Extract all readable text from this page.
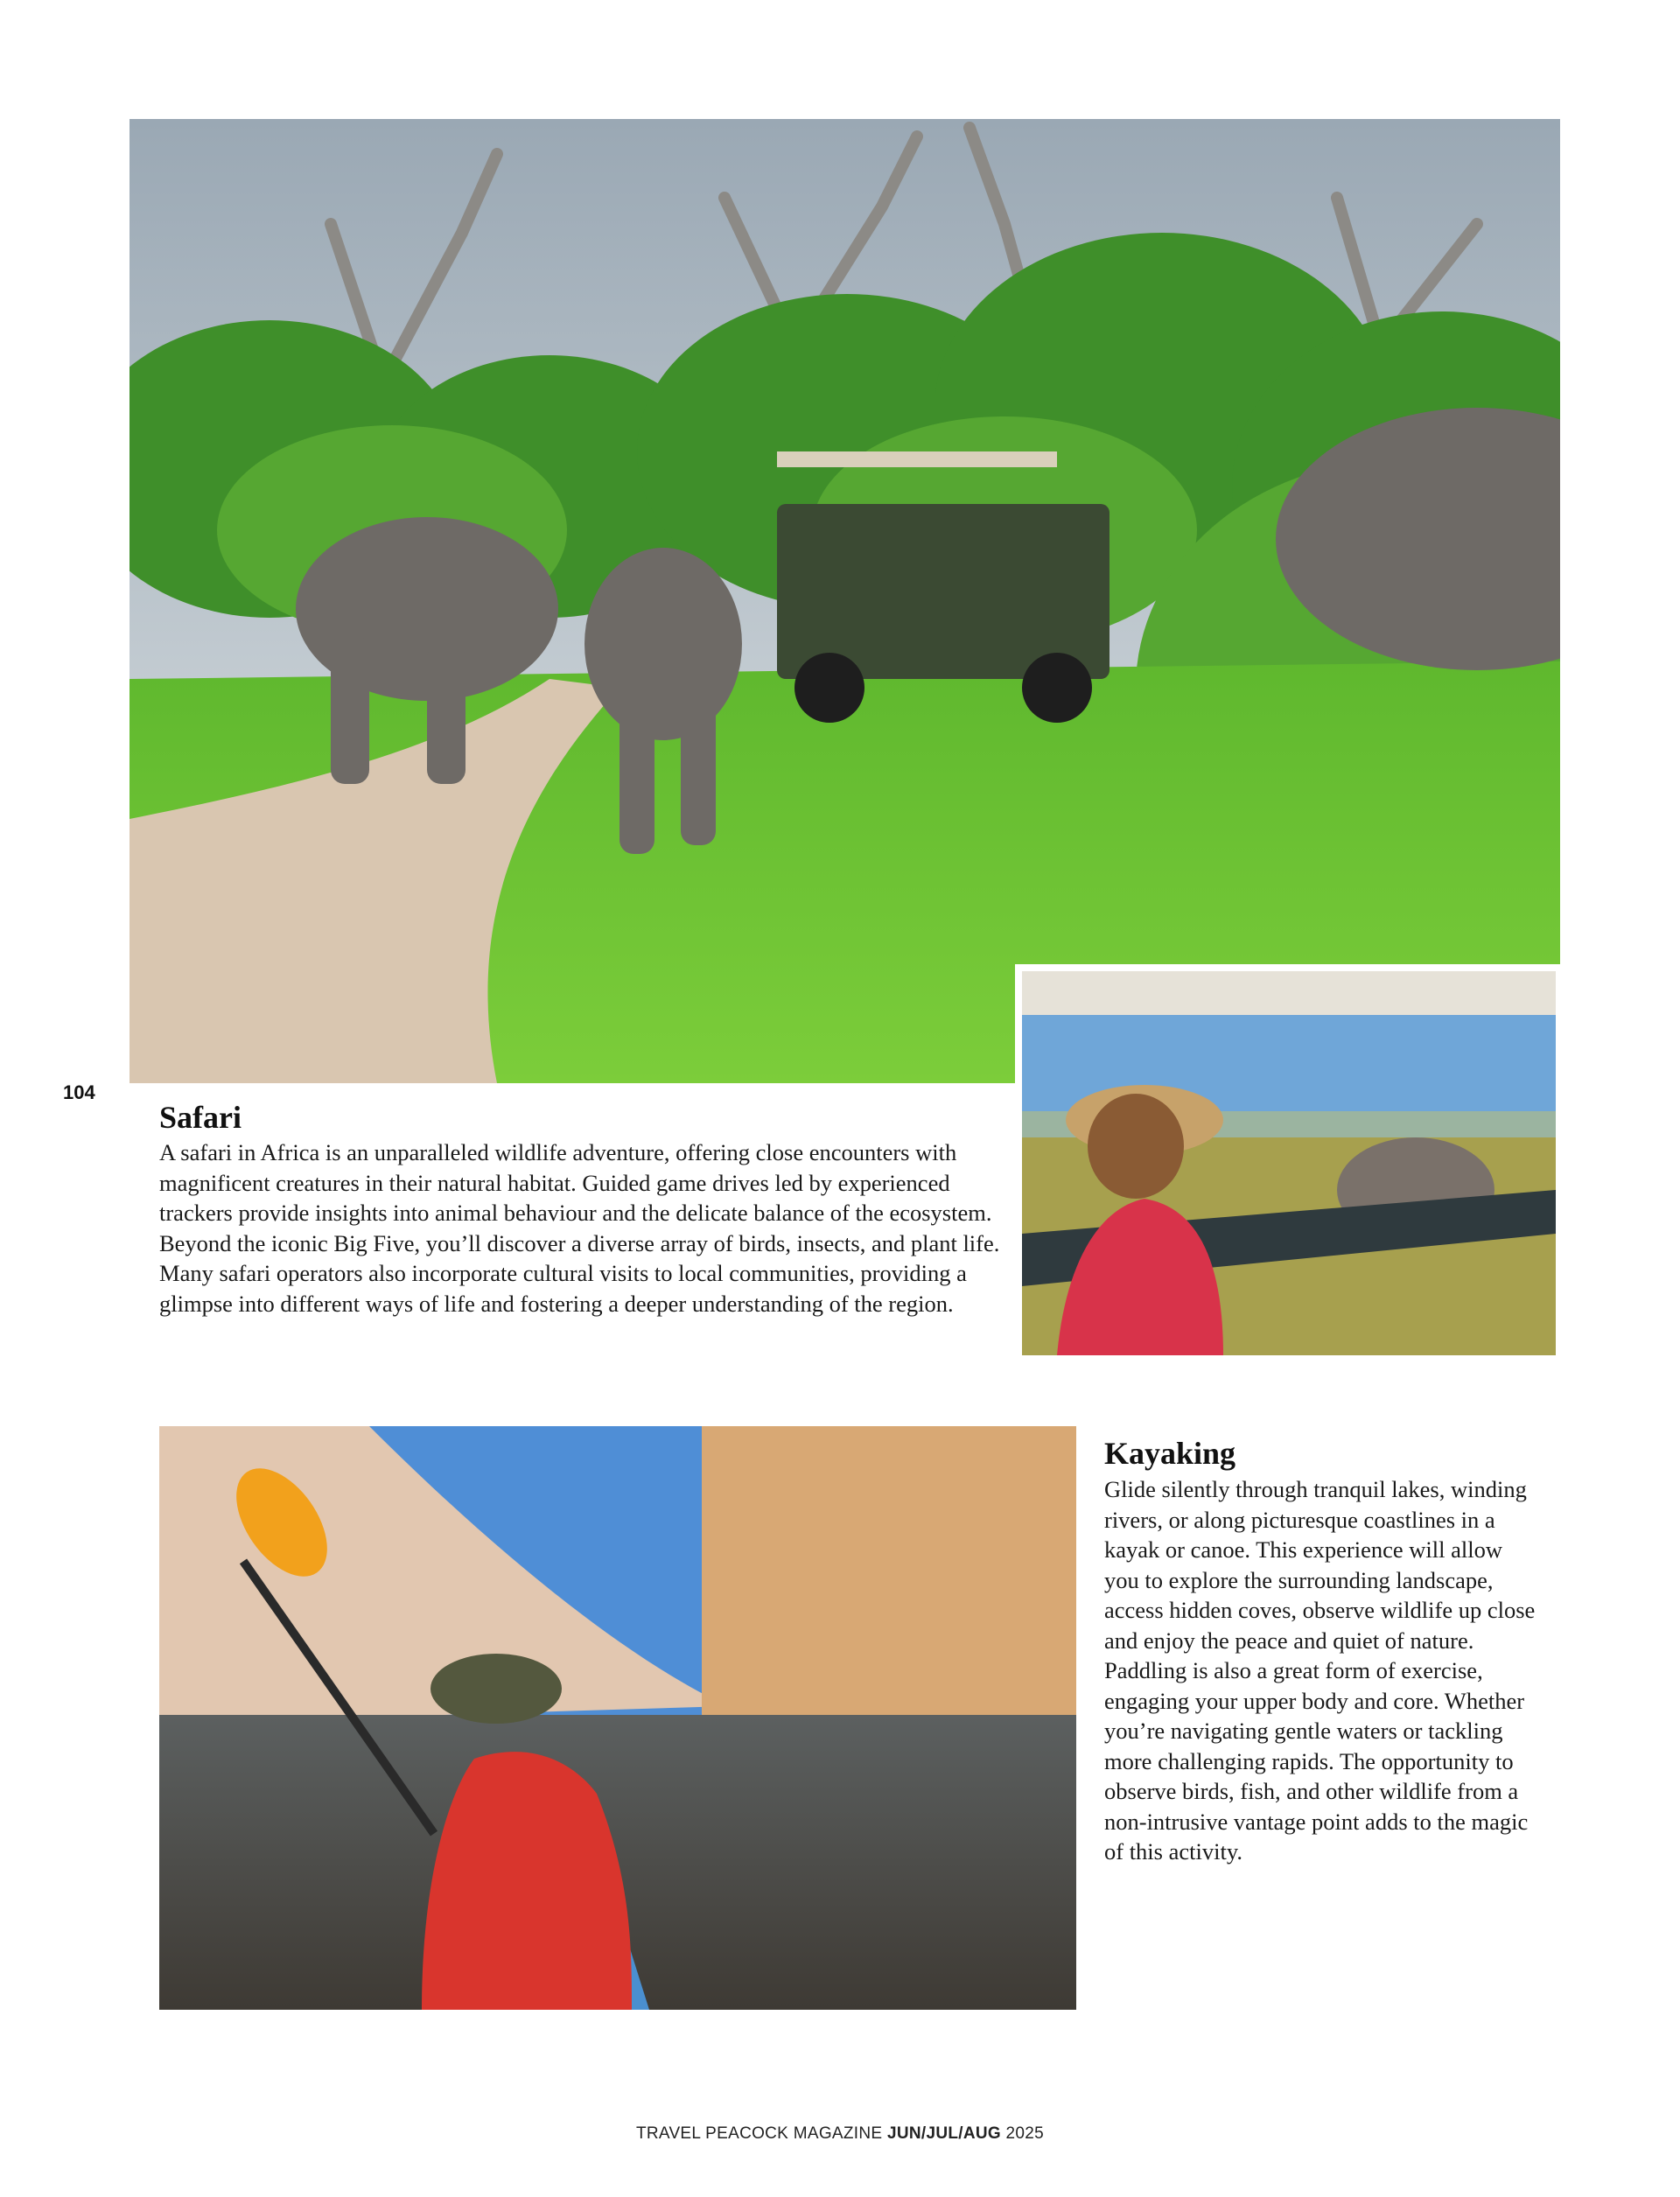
104
Safari

A safari in Africa is an unparalleled wildlife adventure, offering close encounters with magnificent creatures in their natural habitat. Guided game drives led by experienced trackers provide insights into animal behaviour and the delicate balance of the ecosystem. Beyond the iconic Big Five, you’ll discover a diverse array of birds, insects, and plant life. Many safari operators also incorporate cultural visits to local communities, providing a glimpse into different ways of life and fostering a deeper understanding of the region.

Kayaking

Glide silently through tranquil lakes, winding rivers, or along picturesque coastlines in a kayak or canoe. This experience will allow you to explore the surrounding landscape, access hidden coves, observe wildlife up close and enjoy the peace and quiet of nature. Paddling is also a great form of exercise, engaging your upper body and core. Whether you’re navigating gentle waters or tackling more challenging rapids. The opportunity to observe birds, fish, and other wildlife from a non-intrusive vantage point adds to the magic of this activity.

TRAVEL PEACOCK MAGAZINE JUN/JUL/AUG 2025
